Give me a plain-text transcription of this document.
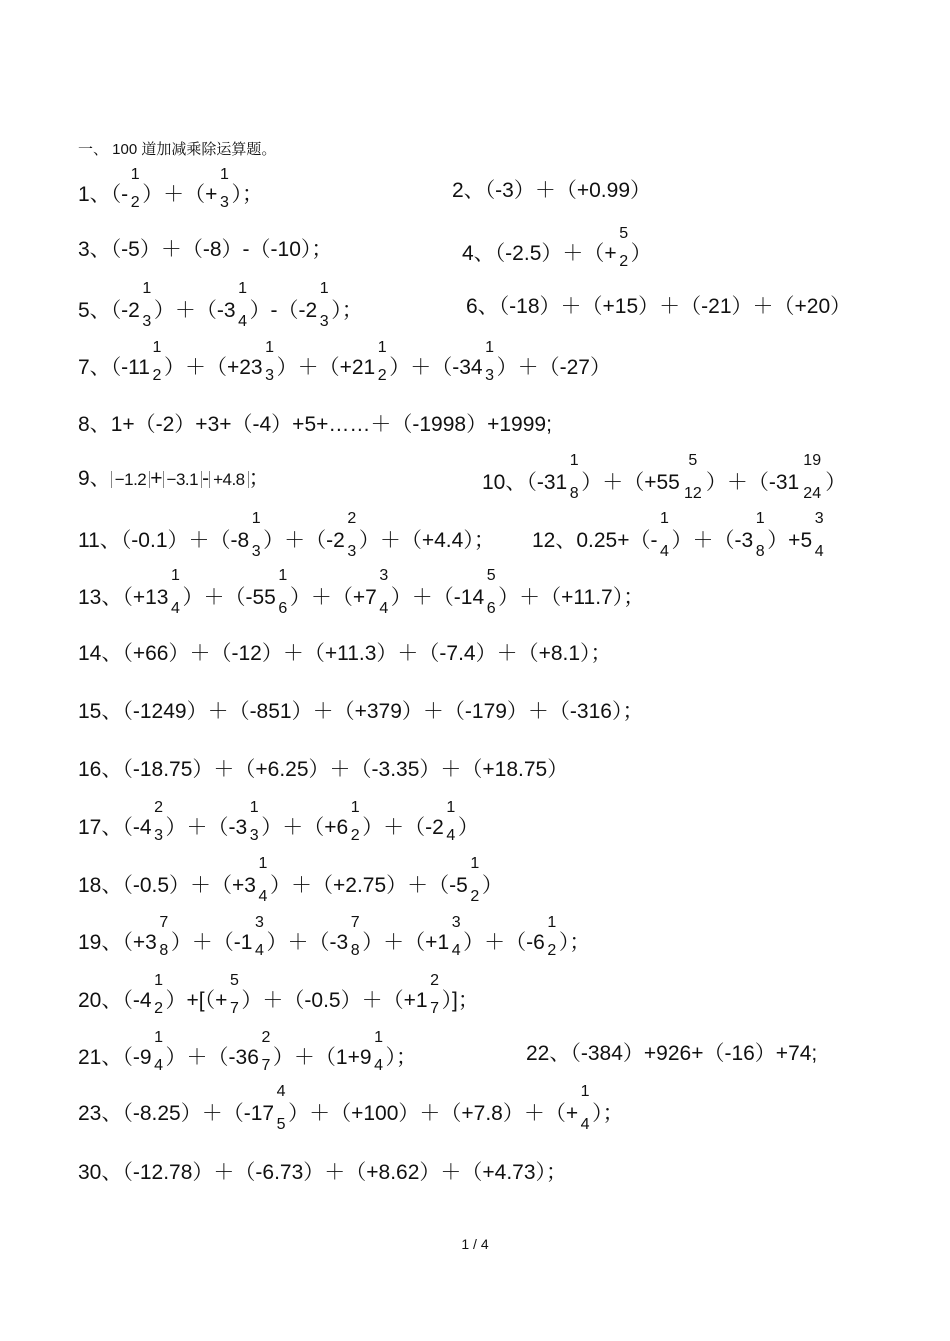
一、 100 道加减乘除运算题。
1、（-
1
2 ）＋（+
1
3 ）；	2、（-3）＋（+0.99）
3、（-5）＋（-8）-（-10）；	4、（-2.5）＋（+
5
2 ）
5、（-2
1
3 ）＋（-3
1
4 ）-（-2
1
3 ）；	6、（-18）＋（+15）＋（-21）＋（+20）
7、（-11
1
2 ）＋（+23
1
3 ）＋（+21
1
2 ）＋（-34
1
3 ）＋（-27）
8、1+（-2）+3+（-4）+5+……＋（-1998）+1999;
9、 −1.2 + −3.1 - +4.8 ；	10、（-31
1
8 ）＋（+55
5
12 ）＋（-31
19
24 ）
11、（-0.1）＋（-8
1
3 ）＋（-2
2
3 ）＋（+4.4）； 12、0.25+（-
1
4 ）＋（-3
1
8 ）+5
3
4
13、（+13
1
4 ）＋（-55
1
6 ）＋（+7
3
4 ）＋（-14
5
6 ）＋（+11.7）；
14、（+66）＋（-12）＋（+11.3）＋（-7.4）＋（+8.1）；
15、（-1249）＋（-851）＋（+379）＋（-179）＋（-316）；
16、（-18.75）＋（+6.25）＋（-3.35）＋（+18.75）
17、（-4
2
3 ）＋（-3
1
3 ）＋（+6
1
2 ）＋（-2
1
4 ）
18、（-0.5）＋（+3
1
4 ）＋（+2.75）＋（-5
1
2 ）
19、（+3
7
8 ）＋（-1
3
4 ）＋（-3
7
8 ）＋（+1
3
4 ）＋（-6
1
2 ）；
20、（-4
1
2 ）+[（+
5
7 ）＋（-0.5）＋（+1
2
7 ）]；
21、（-9
1
4 ）＋（-36
2
7 ）＋（1+9
1
4 ）；	22、（-384）+926+（-16）+74;
23、（-8.25）＋（-17
4
5 ）＋（+100）＋（+7.8）＋（+
1
4 ）；
30、（-12.78）＋（-6.73）＋（+8.62）＋（+4.73）；
1 / 4
